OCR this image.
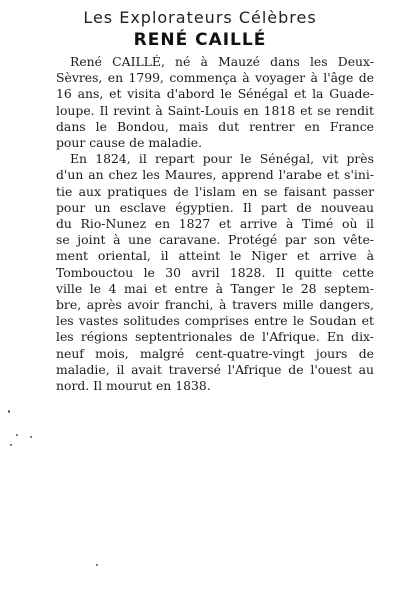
Les Explorateurs Célèbres
RENÉ CAILLÉ
René CAILLÉ, né à Mauzé dans les Deux-
Sèvres, en 1799, commença à voyager à l'âge de
16 ans, et visita d'abord le Sénégal et la Guade-
loupe. Il revint à Saint-Louis en 1818 et se rendit
dans le Bondou, mais dut rentrer en France
pour cause de maladie.
En 1824, il repart pour le Sénégal, vit près
d'un an chez les Maures, apprend l'arabe et s'ini-
tie aux pratiques de l'islam en se faisant passer
pour un esclave égyptien. Il part de nouveau
du Rio-Nunez en 1827 et arrive à Timé où il
se joint à une caravane. Protégé par son vête-
ment oriental, il atteint le Niger et arrive à
Tombouctou le 30 avril 1828. Il quitte cette
ville le 4 mai et entre à Tanger le 28 septem-
bre, après avoir franchi, à travers mille dangers,
les vastes solitudes comprises entre le Soudan et
les régions septentrionales de l'Afrique. En dix-
neuf mois, malgré cent-quatre-vingt jours de
maladie, il avait traversé l'Afrique de l'ouest au
nord. Il mourut en 1838.
